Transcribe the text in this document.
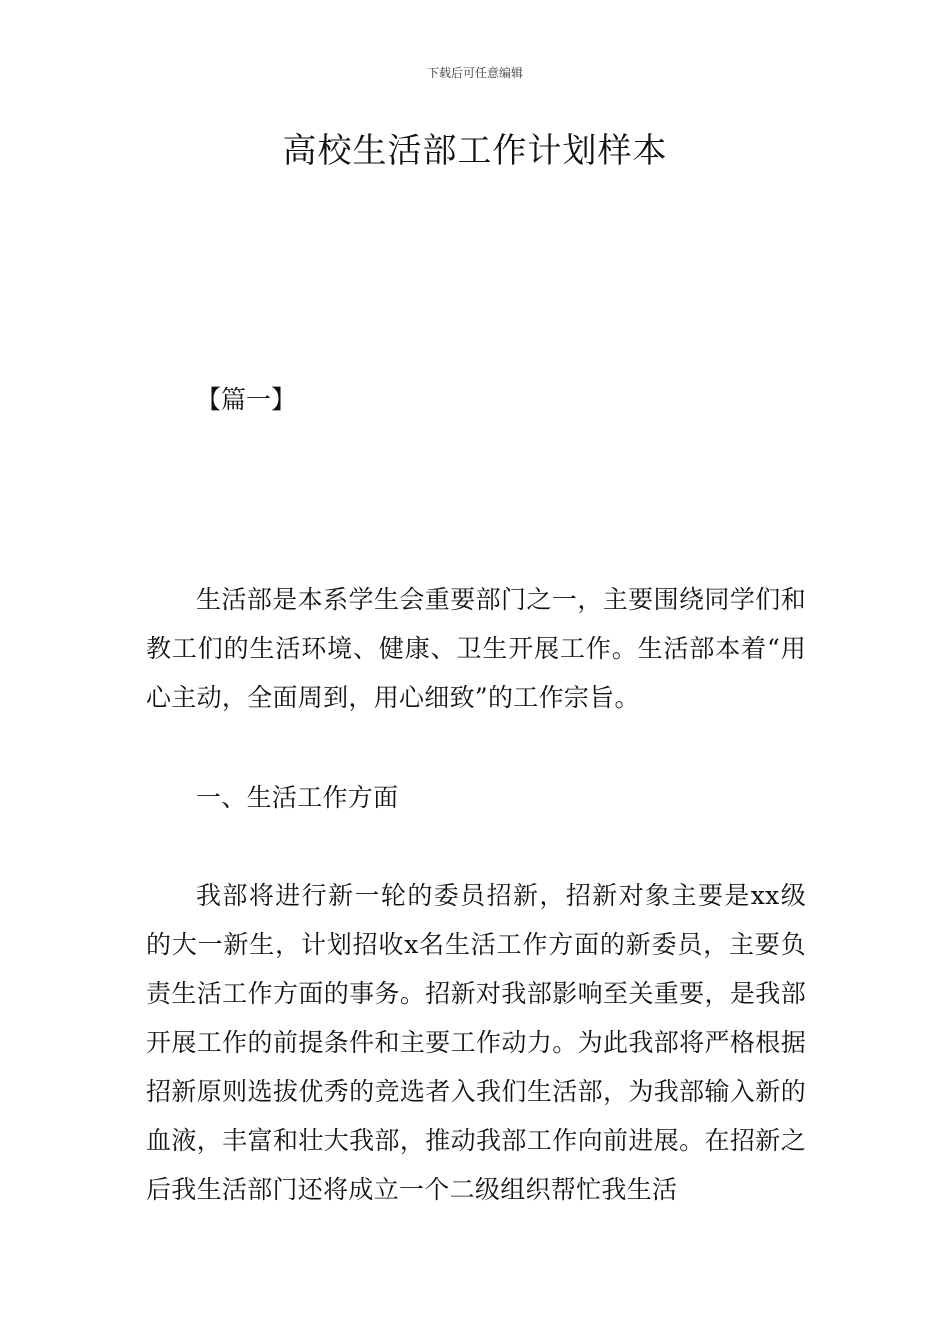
下载后可任意编辑
高校生活部工作计划样本

【篇一】

生活部是本系学生会重要部门之一，主要围绕同学们和教工们的生活环境、健康、卫生开展工作。生活部本着“用心主动，全面周到，用心细致”的工作宗旨。

一、生活工作方面

我部将进行新一轮的委员招新，招新对象主要是xx级的大一新生，计划招收x名生活工作方面的新委员，主要负责生活工作方面的事务。招新对我部影响至关重要，是我部开展工作的前提条件和主要工作动力。为此我部将严格根据招新原则选拔优秀的竞选者入我们生活部，为我部输入新的血液，丰富和壮大我部，推动我部工作向前进展。在招新之后我生活部门还将成立一个二级组织帮忙我生活
